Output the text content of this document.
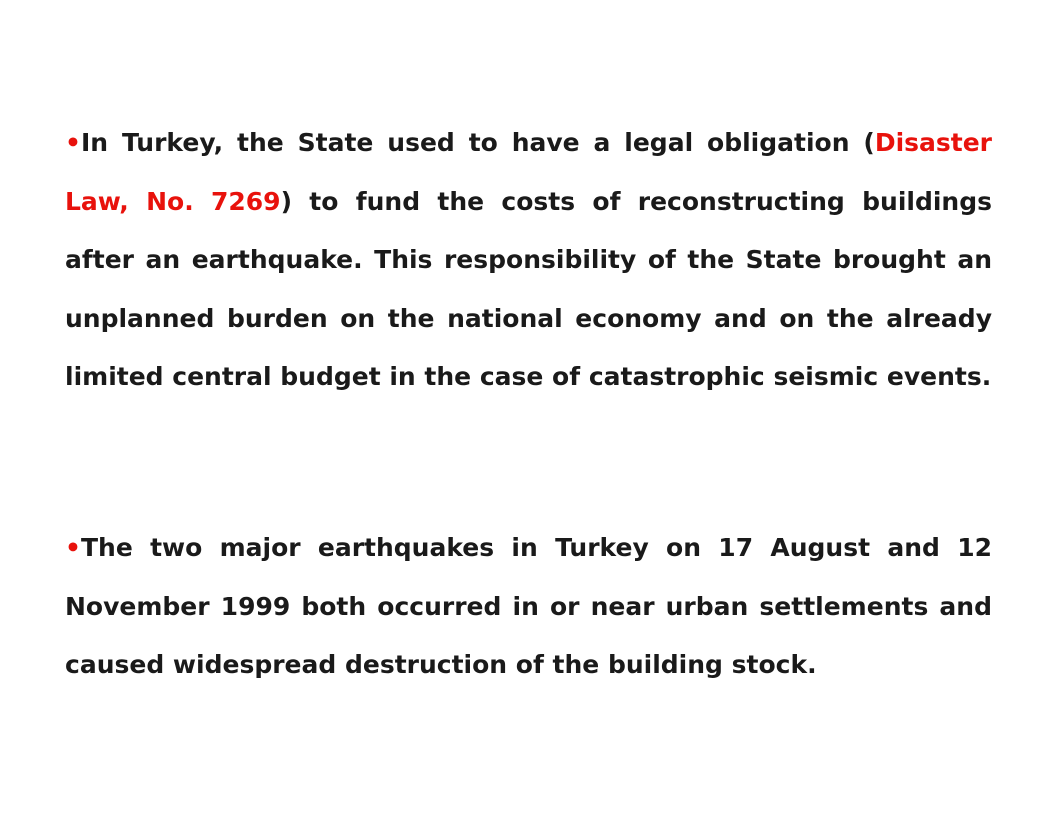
•In Turkey, the State used to have a legal obligation (Disaster Law, No. 7269) to fund the costs of reconstructing buildings after an earthquake. This responsibility of the State brought an unplanned burden on the national economy and on the already limited central budget in the case of catastrophic seismic events.

•The two major earthquakes in Turkey on 17 August and 12 November 1999 both occurred in or near urban settlements and caused widespread destruction of the building stock.
